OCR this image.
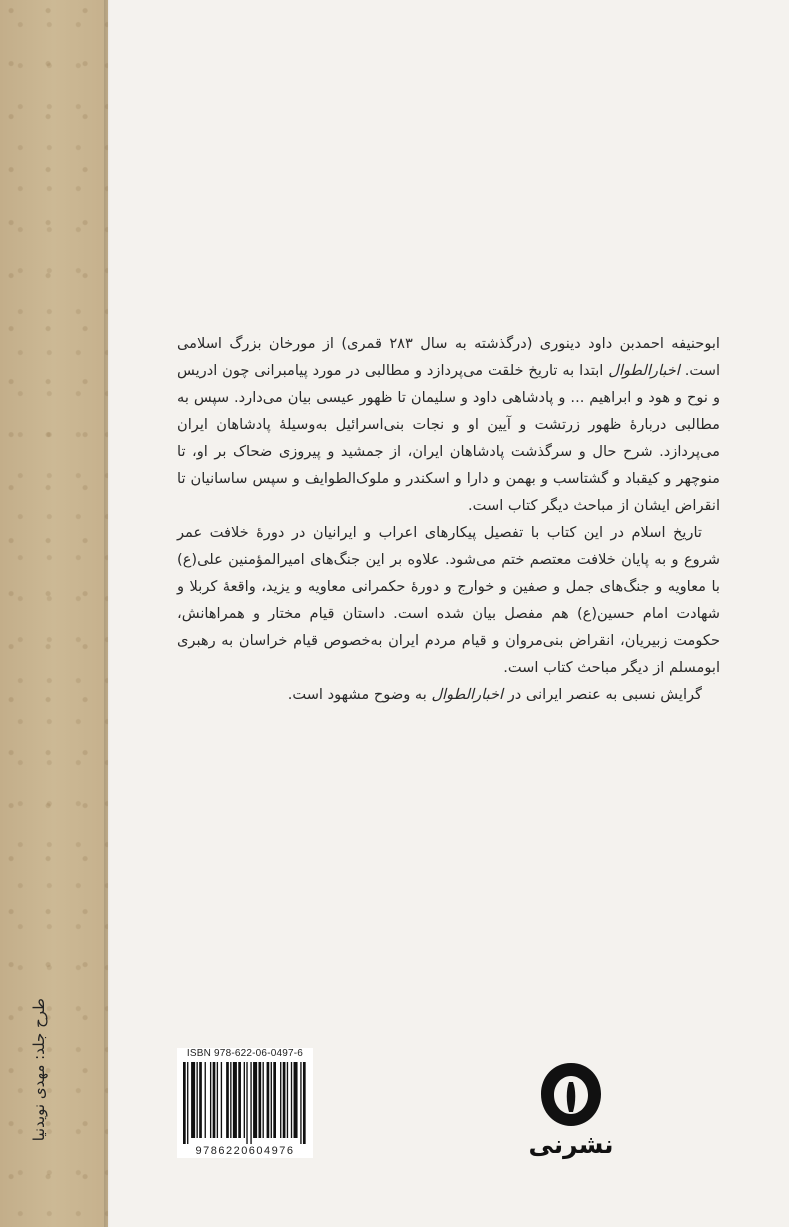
طرح جلد: مهدی نویدنیا

ابوحنیفه احمدبن داود دینوری (درگذشته به سال ۲۸۳ قمری) از مورخان بزرگ اسلامی است. اخبارالطوال ابتدا به تاریخ خلقت می‌پردازد و مطالبی در مورد پیامبرانی چون ادریس و نوح و هود و ابراهیم ... و پادشاهی داود و سلیمان تا ظهور عیسی بیان می‌دارد. سپس به مطالبی دربارۀ ظهور زرتشت و آیین او و نجات بنی‌اسرائیل به‌وسیلۀ پادشاهان ایران می‌پردازد. شرح حال و سرگذشت پادشاهان ایران، از جمشید و پیروزی ضحاک بر او، تا منوچهر و کیقباد و گشتاسب و بهمن و دارا و اسکندر و ملوک‌الطوایف و سپس ساسانیان تا انقراض ایشان از مباحث دیگر کتاب است.

تاریخ اسلام در این کتاب با تفصیل پیکارهای اعراب و ایرانیان در دورۀ خلافت عمر شروع و به پایان خلافت معتصم ختم می‌شود. علاوه بر این جنگ‌های امیرالمؤمنین علی(ع) با معاویه و جنگ‌های جمل و صفین و خوارج و دورۀ حکمرانی معاویه و یزید، واقعۀ کربلا و شهادت امام حسین(ع) هم مفصل بیان شده است. داستان قیام مختار و همراهانش، حکومت زبیریان، انقراض بنی‌مروان و قیام مردم ایران به‌خصوص قیام خراسان به رهبری ابومسلم از دیگر مباحث کتاب است.

گرایش نسبی به عنصر ایرانی در اخبارالطوال به وضوح مشهود است.

ISBN 978-622-06-0497-6
9786220604976	نشرنی
